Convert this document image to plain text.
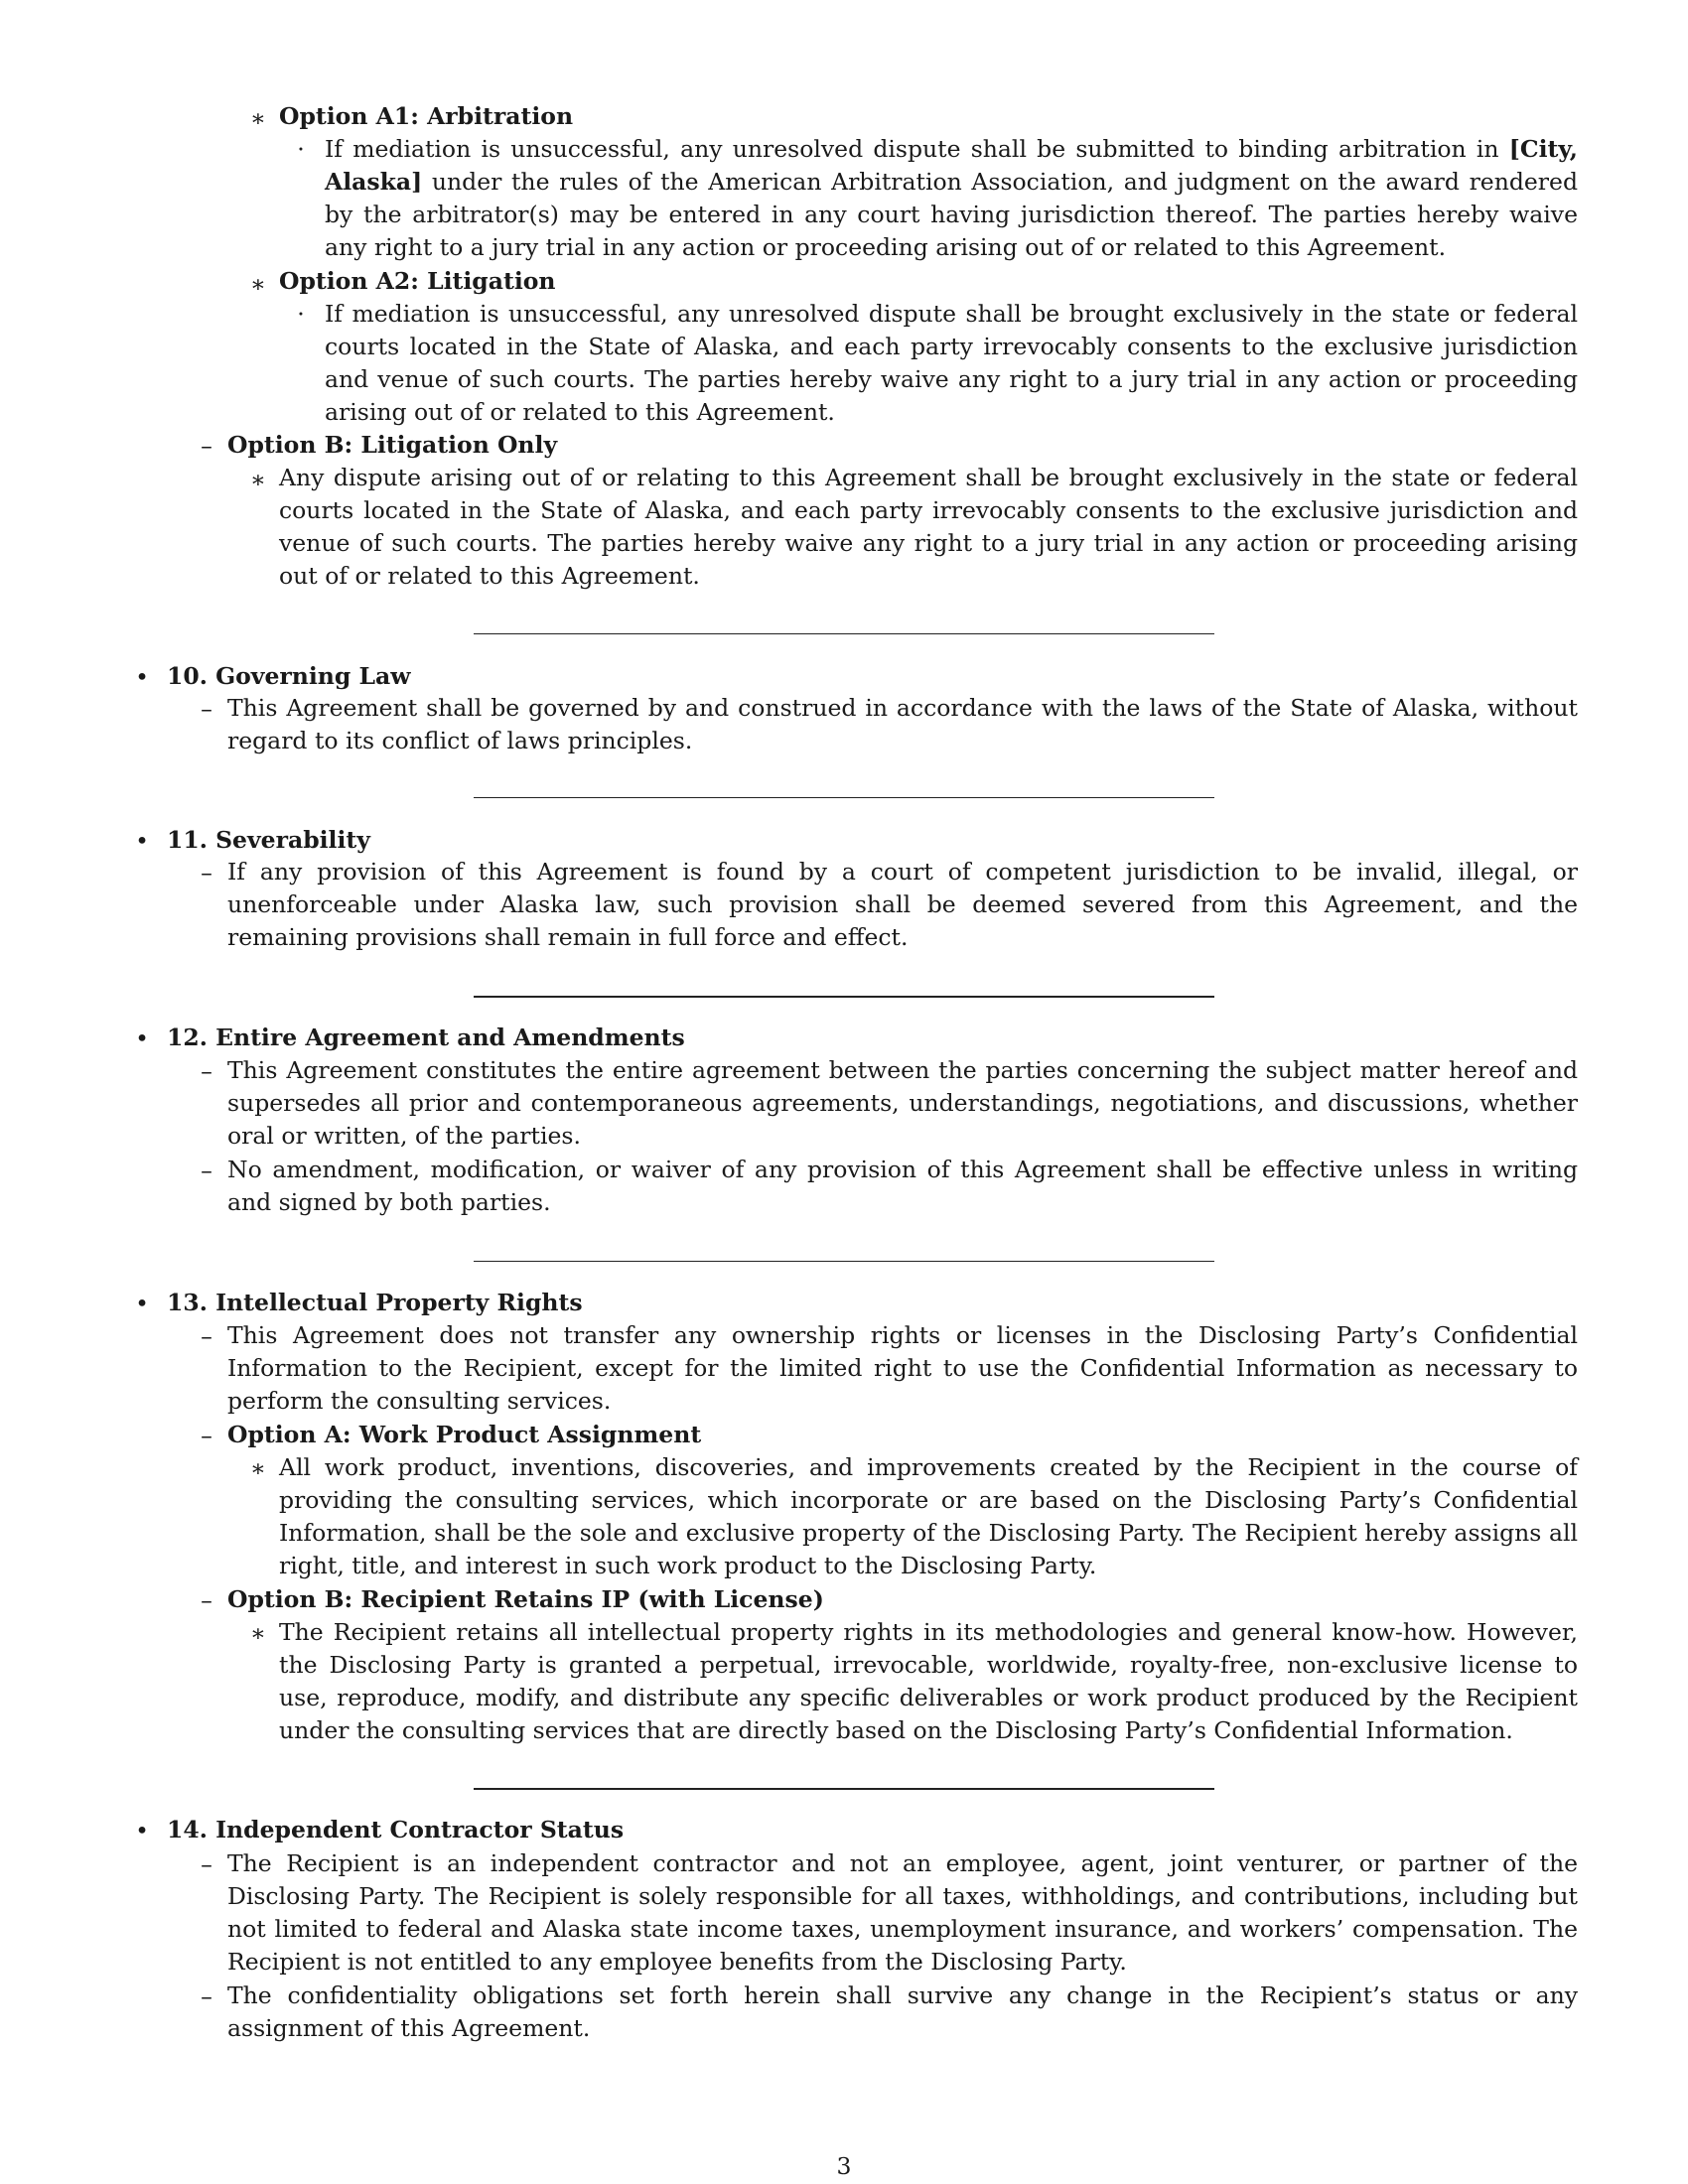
∗ Option A1: Arbitration
· If mediation is unsuccessful, any unresolved dispute shall be submitted to binding arbitration in [City, Alaska] under the rules of the American Arbitration Association, and judgment on the award rendered by the arbitrator(s) may be entered in any court having jurisdiction thereof. The parties hereby waive any right to a jury trial in any action or proceeding arising out of or related to this Agreement.

∗ Option A2: Litigation
· If mediation is unsuccessful, any unresolved dispute shall be brought exclusively in the state or federal courts located in the State of Alaska, and each party irrevocably consents to the exclusive jurisdiction and venue of such courts. The parties hereby waive any right to a jury trial in any action or proceeding arising out of or related to this Agreement.

– Option B: Litigation Only
∗ Any dispute arising out of or relating to this Agreement shall be brought exclusively in the state or federal courts located in the State of Alaska, and each party irrevocably consents to the exclusive jurisdiction and venue of such courts. The parties hereby waive any right to a jury trial in any action or proceeding arising out of or related to this Agreement.

• 10. Governing Law
– This Agreement shall be governed by and construed in accordance with the laws of the State of Alaska, without regard to its conflict of laws principles.

• 11. Severability
– If any provision of this Agreement is found by a court of competent jurisdiction to be invalid, illegal, or unenforceable under Alaska law, such provision shall be deemed severed from this Agreement, and the remaining provisions shall remain in full force and effect.

• 12. Entire Agreement and Amendments
– This Agreement constitutes the entire agreement between the parties concerning the subject matter hereof and supersedes all prior and contemporaneous agreements, understandings, negotiations, and discussions, whether oral or written, of the parties.

– No amendment, modification, or waiver of any provision of this Agreement shall be effective unless in writing and signed by both parties.

• 13. Intellectual Property Rights
– This Agreement does not transfer any ownership rights or licenses in the Disclosing Party’s Confidential Information to the Recipient, except for the limited right to use the Confidential Information as necessary to perform the consulting services.

– Option A: Work Product Assignment
∗ All work product, inventions, discoveries, and improvements created by the Recipient in the course of providing the consulting services, which incorporate or are based on the Disclosing Party’s Confidential Information, shall be the sole and exclusive property of the Disclosing Party. The Recipient hereby assigns all right, title, and interest in such work product to the Disclosing Party.

– Option B: Recipient Retains IP (with License)
∗ The Recipient retains all intellectual property rights in its methodologies and general know-how. However, the Disclosing Party is granted a perpetual, irrevocable, worldwide, royalty-free, non-exclusive license to use, reproduce, modify, and distribute any specific deliverables or work product produced by the Recipient under the consulting services that are directly based on the Disclosing Party’s Confidential Information.

• 14. Independent Contractor Status
– The Recipient is an independent contractor and not an employee, agent, joint venturer, or partner of the Disclosing Party. The Recipient is solely responsible for all taxes, withholdings, and contributions, including but not limited to federal and Alaska state income taxes, unemployment insurance, and workers’ compensation. The Recipient is not entitled to any employee benefits from the Disclosing Party.

– The confidentiality obligations set forth herein shall survive any change in the Recipient’s status or any assignment of this Agreement.

3
